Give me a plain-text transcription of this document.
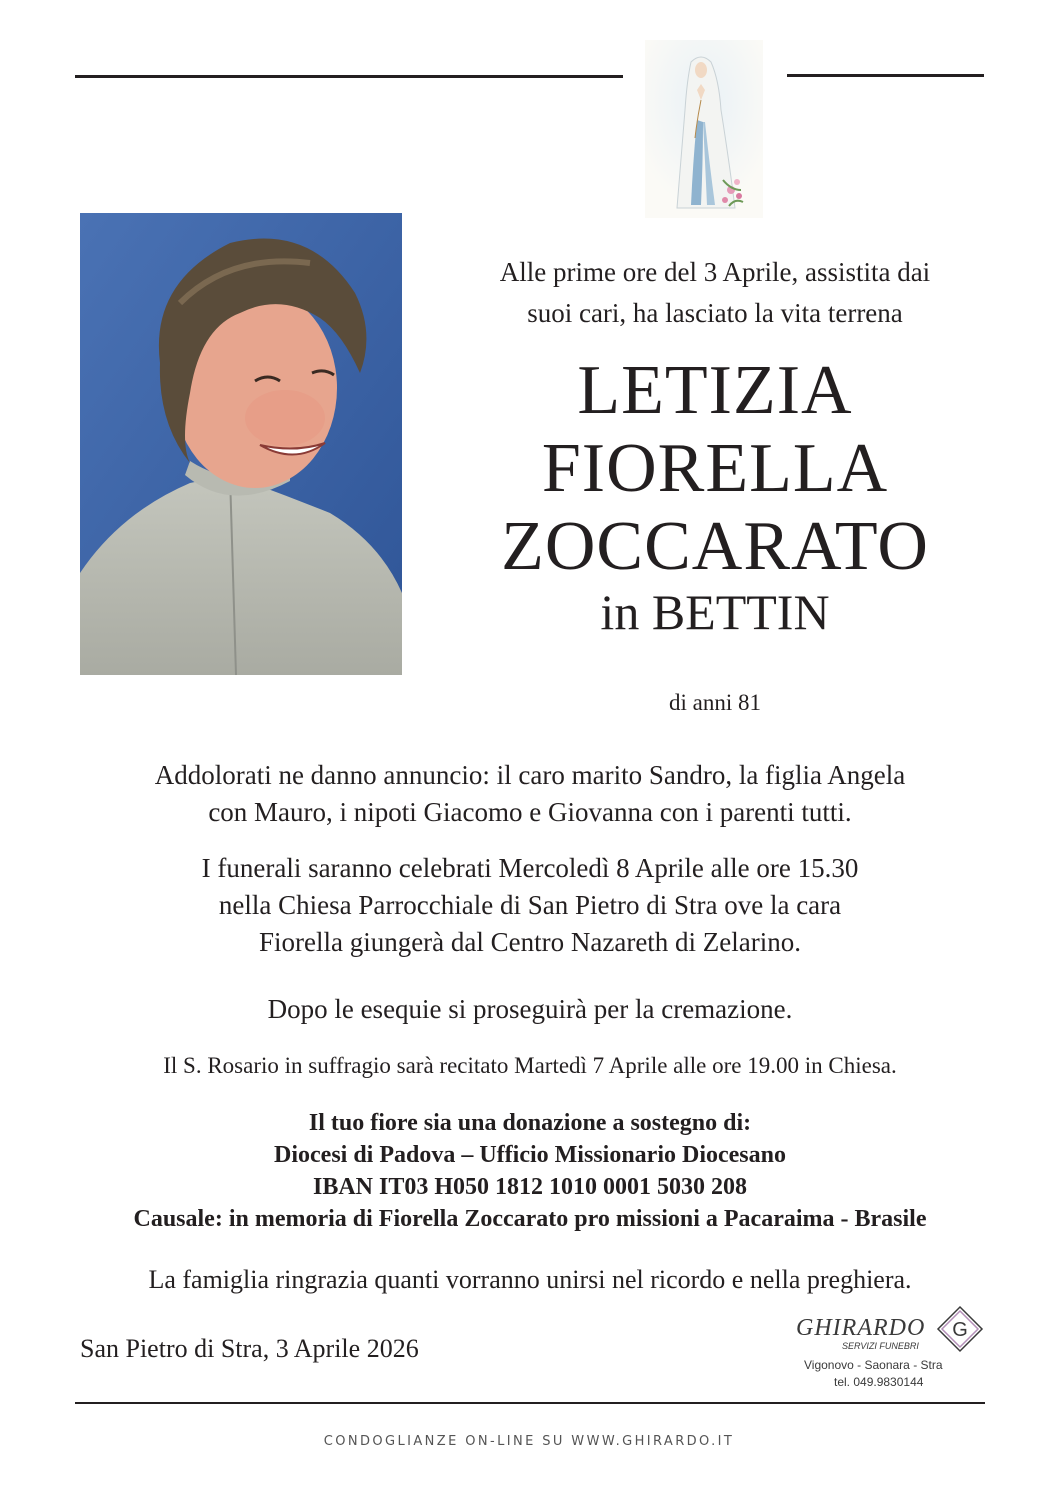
Alle prime ore del 3 Aprile, assistita dai
suoi cari, ha lasciato la vita terrena
LETIZIA
FIORELLA
ZOCCARATO
in BETTIN
di anni 81
Addolorati ne danno annuncio: il caro marito Sandro, la figlia Angela
con Mauro, i nipoti Giacomo e Giovanna con i parenti tutti.
I funerali saranno celebrati Mercoledì 8 Aprile alle ore 15.30
nella Chiesa Parrocchiale di San Pietro di Stra ove la cara
Fiorella giungerà dal Centro Nazareth di Zelarino.
Dopo le esequie si proseguirà per la cremazione.
Il S. Rosario in suffragio sarà recitato Martedì 7 Aprile alle ore 19.00 in Chiesa.
Il tuo fiore sia una donazione a sostegno di:
Diocesi di Padova – Ufficio Missionario Diocesano
IBAN IT03 H050 1812 1010 0001 5030 208
Causale: in memoria di Fiorella Zoccarato pro missioni a Pacaraima - Brasile
La famiglia ringrazia quanti vorranno unirsi nel ricordo e nella preghiera.
San Pietro di Stra, 3 Aprile 2026
GHIRARDO
SERVIZI FUNEBRI
G
Vigonovo - Saonara - Stra
tel. 049.9830144
CONDOGLIANZE ON-LINE SU WWW.GHIRARDO.IT
